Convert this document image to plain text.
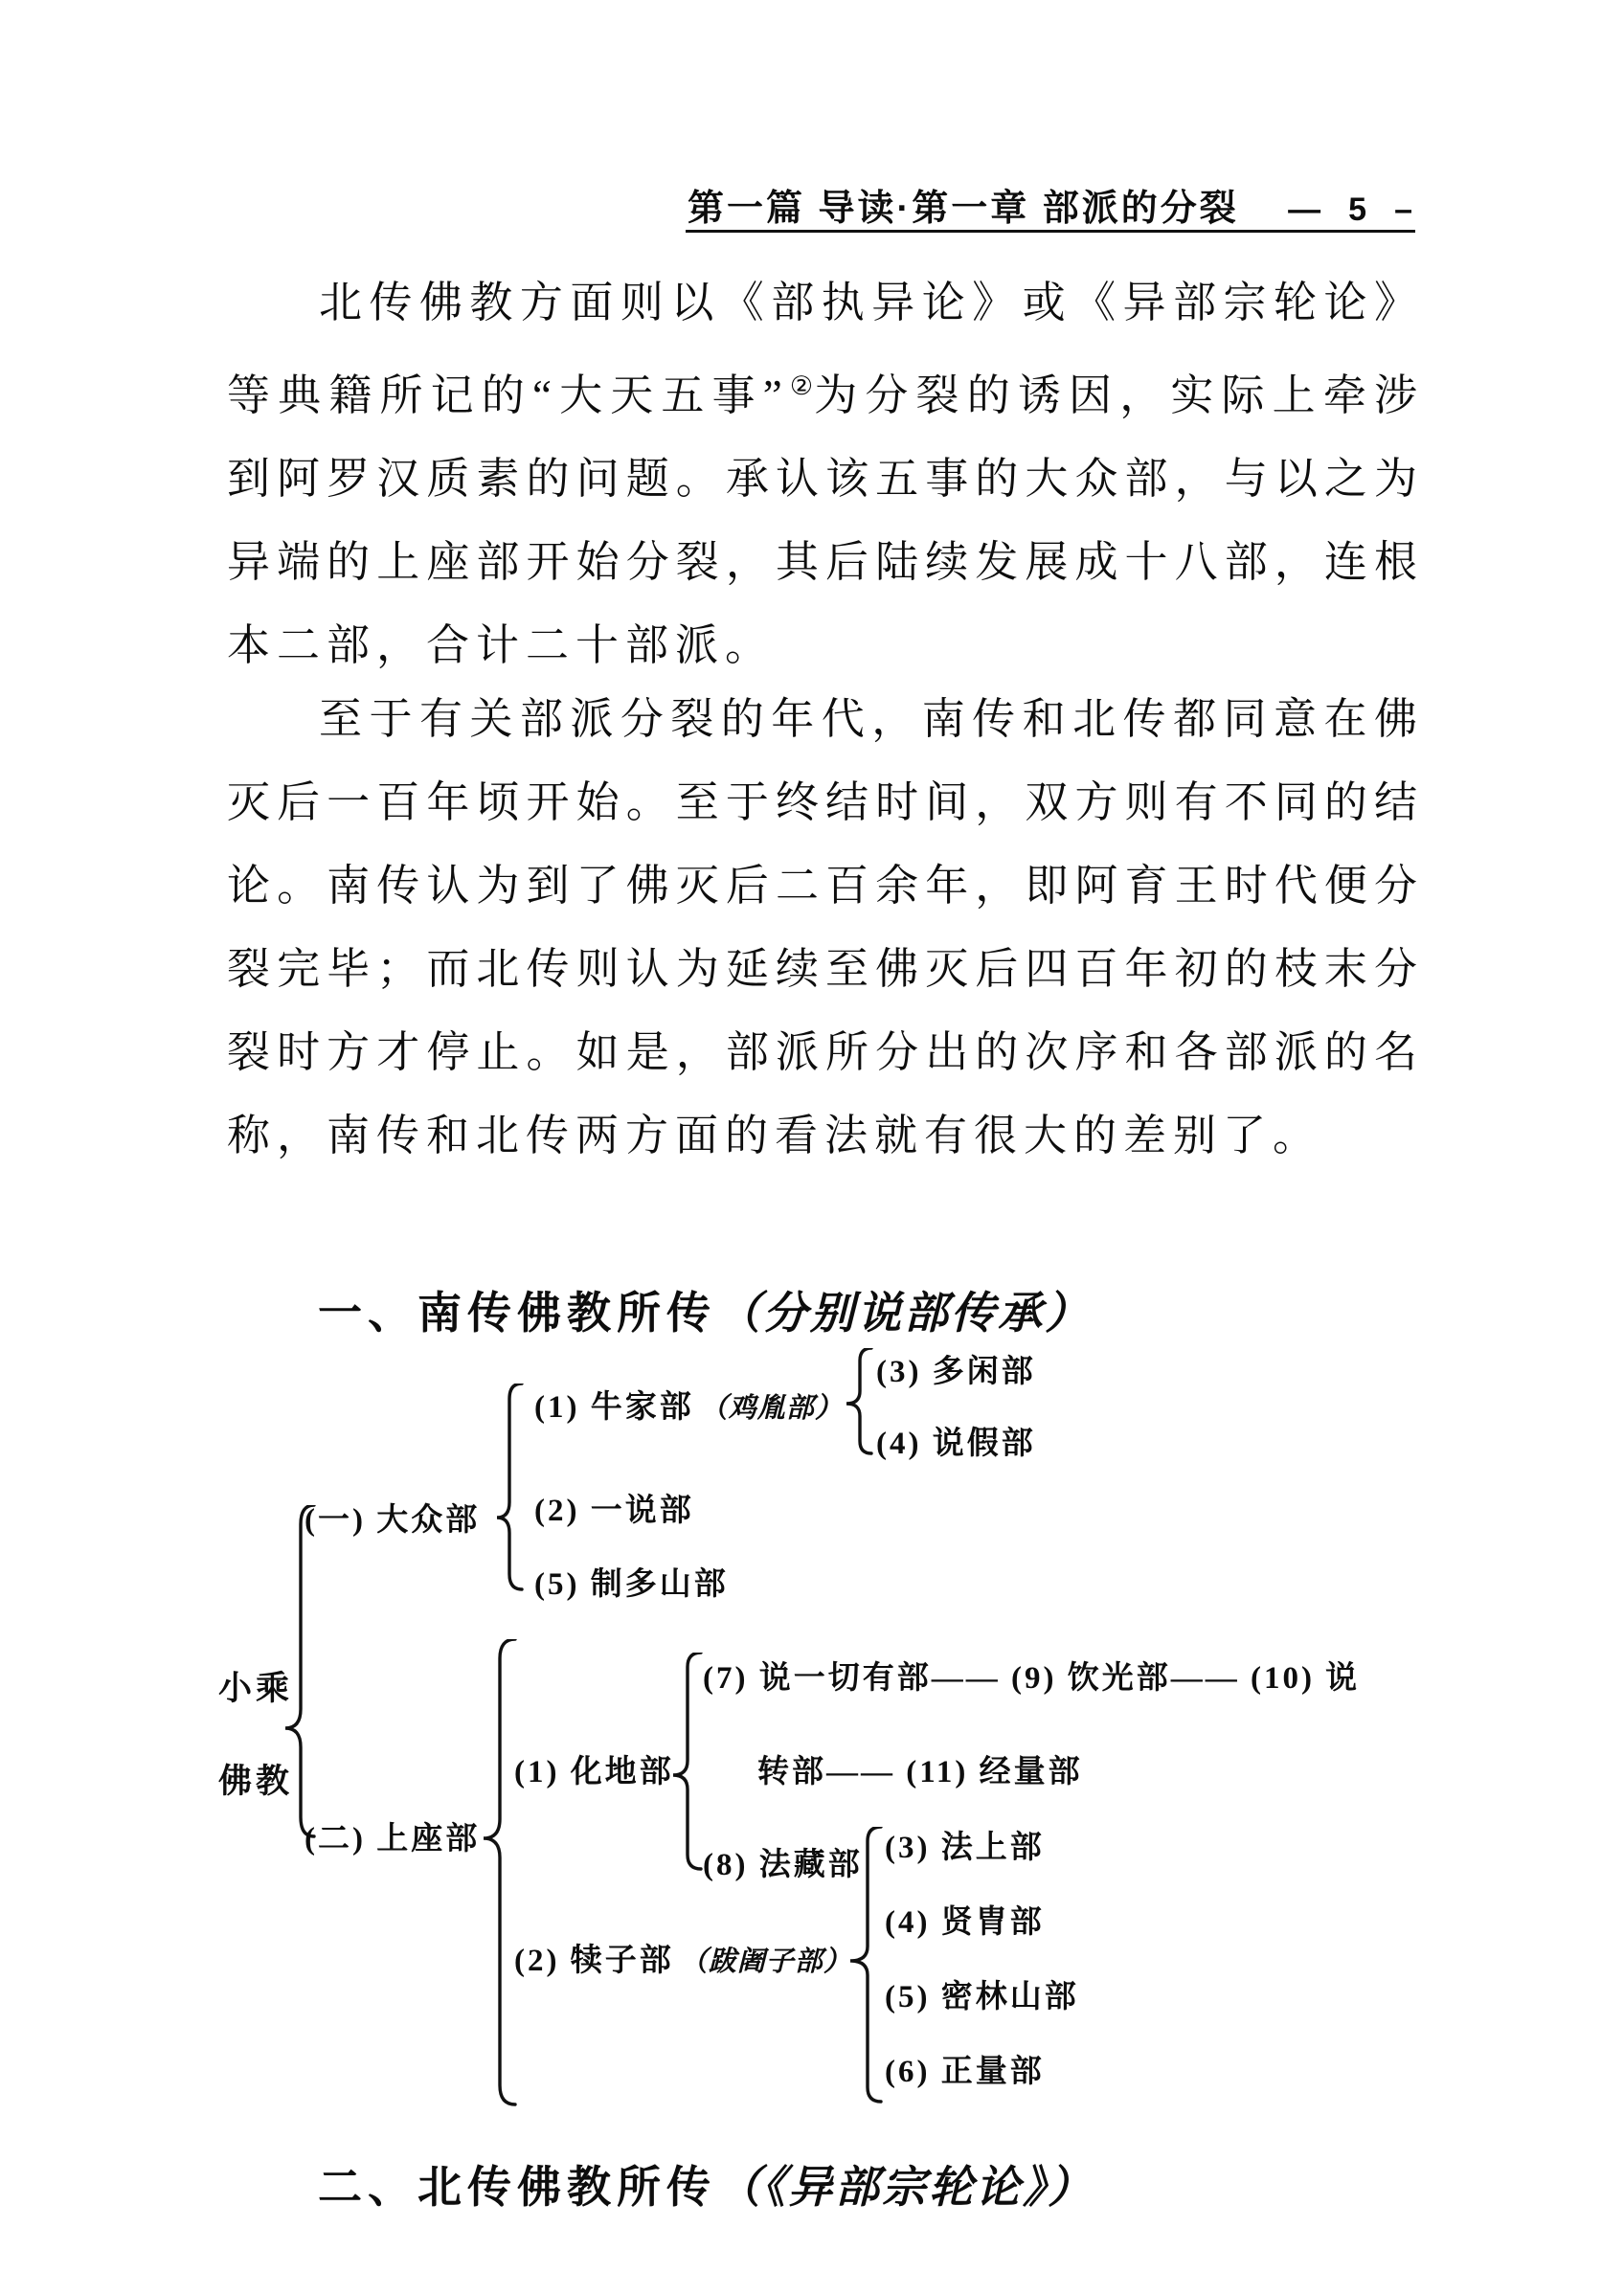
第一篇 导读·第一章 部派的分裂 — 5 –
北传佛教方面则以《部执异论》或《异部宗轮论》等典籍所记的“大天五事”②为分裂的诱因，实际上牵涉到阿罗汉质素的问题。承认该五事的大众部，与以之为异端的上座部开始分裂，其后陆续发展成十八部，连根本二部，合计二十部派。
至于有关部派分裂的年代，南传和北传都同意在佛灭后一百年顷开始。至于终结时间，双方则有不同的结论。南传认为到了佛灭后二百余年，即阿育王时代便分裂完毕；而北传则认为延续至佛灭后四百年初的枝末分裂时方才停止。如是，部派所分出的次序和各部派的名称，南传和北传两方面的看法就有很大的差别了。
一、南传佛教所传（分别说部传承）
小乘
佛教
(一) 大众部
(二) 上座部
(1) 牛家部 （鸡胤部）
(3) 多闲部
(4) 说假部
(2) 一说部
(5) 制多山部
(1) 化地部
(7) 说一切有部—— (9) 饮光部—— (10) 说
转部—— (11) 经量部
(8) 法藏部
(2) 犊子部 （跋阇子部）
(3) 法上部
(4) 贤胄部
(5) 密林山部
(6) 正量部
二、北传佛教所传（《异部宗轮论》）
